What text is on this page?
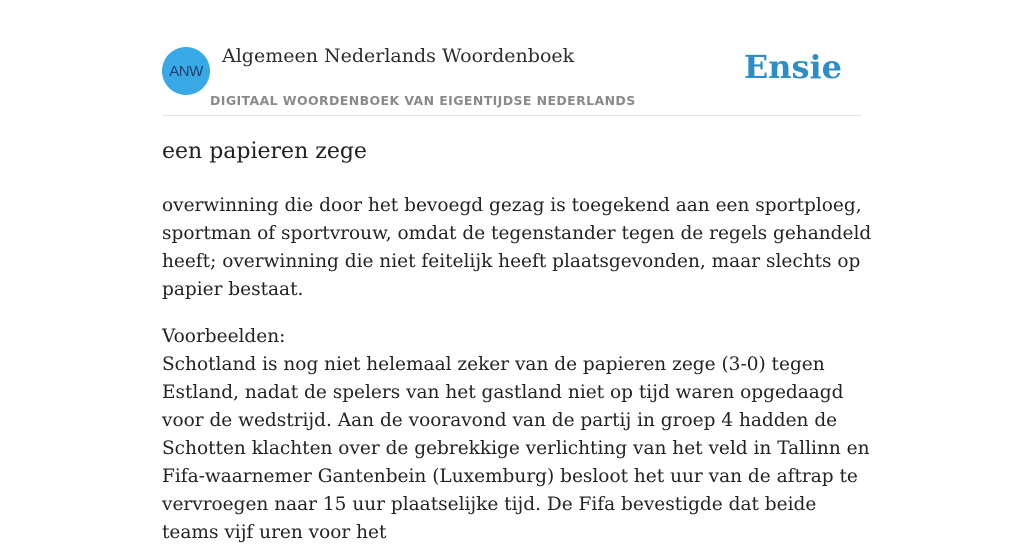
ANW
Algemeen Nederlands Woordenboek
DIGITAAL WOORDENBOEK VAN EIGENTIJDSE NEDERLANDS
Ensie
een papieren zege

overwinning die door het bevoegd gezag is toegekend aan een sportploeg, sportman of sportvrouw, omdat de tegenstander tegen de regels gehandeld heeft; overwinning die niet feitelijk heeft plaatsgevonden, maar slechts op papier bestaat.

Voorbeelden:
Schotland is nog niet helemaal zeker van de papieren zege (3-0) tegen Estland, nadat de spelers van het gastland niet op tijd waren opgedaagd voor de wedstrijd. Aan de vooravond van de partij in groep 4 hadden de Schotten klachten over de gebrekkige verlichting van het veld in Tallinn en Fifa-waarnemer Gantenbein (Luxemburg) besloot het uur van de aftrap te vervroegen naar 15 uur plaatselijke tijd. De Fifa bevestigde dat beide teams vijf uren voor het
